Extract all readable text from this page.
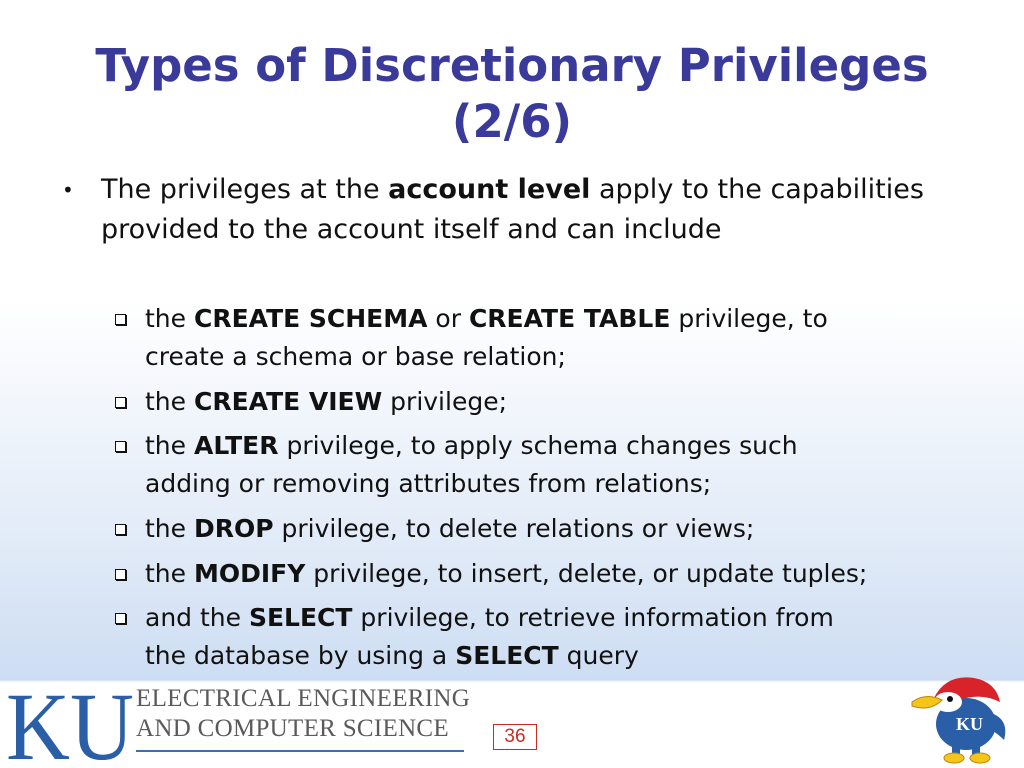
Types of Discretionary Privileges
(2/6)
• The privileges at the account level apply to the capabilities provided to the account itself and can include
the CREATE SCHEMA or CREATE TABLE privilege, to
create a schema or base relation;
the CREATE VIEW privilege;
the ALTER privilege, to apply schema changes such
adding or removing attributes from relations;
the DROP privilege, to delete relations or views;
the MODIFY privilege, to insert, delete, or update tuples;
and the SELECT privilege, to retrieve information from
the database by using a SELECT query
KU ELECTRICAL ENGINEERING
AND COMPUTER SCIENCE	36
KU
